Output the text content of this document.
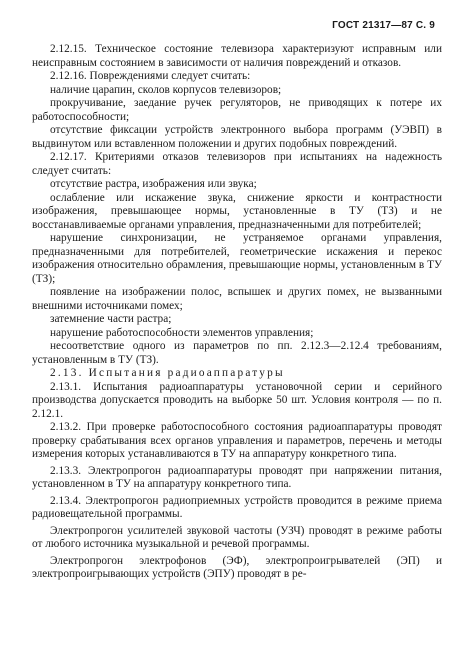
ГОСТ 21317—87 С. 9

2.12.15. Техническое состояние телевизора характеризуют исправным или неисправным состоянием в зависимости от наличия повреждений и отказов.

2.12.16. Повреждениями следует считать:

наличие царапин, сколов корпусов телевизоров;

прокручивание, заедание ручек регуляторов, не приводящих к потере их работоспособности;

отсутствие фиксации устройств электронного выбора программ (УЭВП) в выдвинутом или вставленном положении и других подобных повреждений.

2.12.17. Критериями отказов телевизоров при испытаниях на надежность следует считать:

отсутствие растра, изображения или звука;

ослабление или искажение звука, снижение яркости и контрастности изображения, превышающее нормы, установленные в ТУ (ТЗ) и не восстанавливаемые органами управления, предназначенными для потребителей;

нарушение синхронизации, не устраняемое органами управления, предназначенными для потребителей, геометрические искажения и перекос изображения относительно обрамления, превышающие нормы, установленным в ТУ (ТЗ);

появление на изображении полос, вспышек и других помех, не вызванными внешними источниками помех;

затемнение части растра;

нарушение работоспособности элементов управления;

несоответствие одного из параметров по пп. 2.12.3—2.12.4 требованиям, установленным в ТУ (ТЗ).

2.13. Испытания радиоаппаратуры

2.13.1. Испытания радиоаппаратуры установочной серии и серийного производства допускается проводить на выборке 50 шт. Условия контроля — по п. 2.12.1.

2.13.2. При проверке работоспособного состояния радиоаппаратуры проводят проверку срабатывания всех органов управления и параметров, перечень и методы измерения которых устанавливаются в ТУ на аппаратуру конкретного типа.

2.13.3. Электропрогон радиоаппаратуры проводят при напряжении питания, установленном в ТУ на аппаратуру конкретного типа.

2.13.4. Электропрогон радиоприемных устройств проводится в режиме приема радиовещательной программы.

Электропрогон усилителей звуковой частоты (УЗЧ) проводят в режиме работы от любого источника музыкальной и речевой программы.

Электропрогон электрофонов (ЭФ), электропроигрывателей (ЭП) и электропроигрывающих устройств (ЭПУ) проводят в ре-
